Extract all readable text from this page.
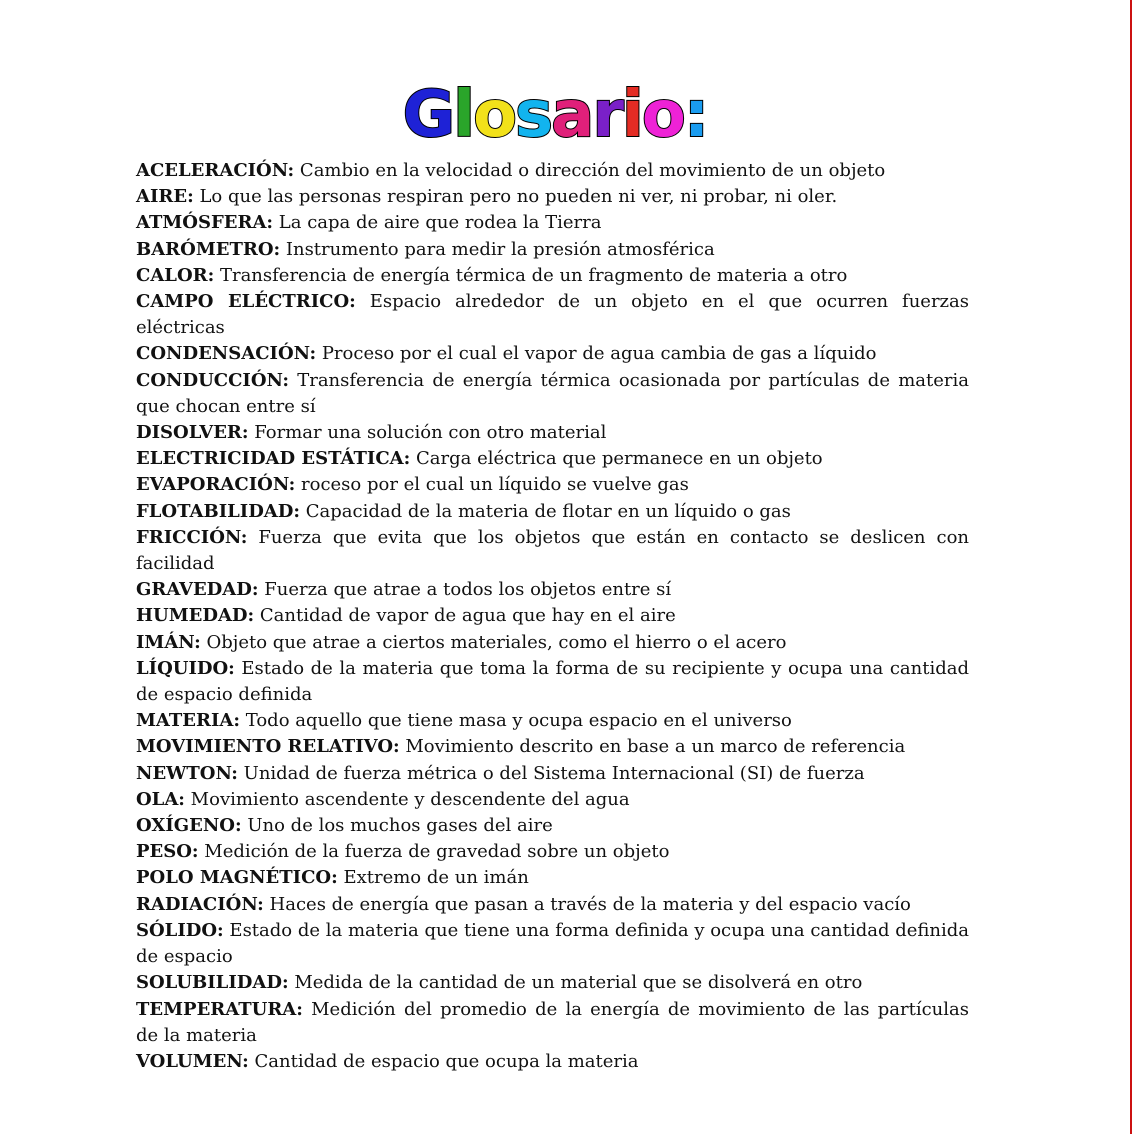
Glosario:

ACELERACIÓN: Cambio en la velocidad o dirección del movimiento de un objeto

AIRE: Lo que las personas respiran pero no pueden ni ver, ni probar, ni oler.

ATMÓSFERA: La capa de aire que rodea la Tierra

BARÓMETRO: Instrumento para medir la presión atmosférica

CALOR: Transferencia de energía térmica de un fragmento de materia a otro

CAMPO ELÉCTRICO: Espacio alrededor de un objeto en el que ocurren fuerzas eléctricas

CONDENSACIÓN: Proceso por el cual el vapor de agua cambia de gas a líquido

CONDUCCIÓN: Transferencia de energía térmica ocasionada por partículas de materia que chocan entre sí

DISOLVER: Formar una solución con otro material

ELECTRICIDAD ESTÁTICA: Carga eléctrica que permanece en un objeto

EVAPORACIÓN: roceso por el cual un líquido se vuelve gas

FLOTABILIDAD: Capacidad de la materia de flotar en un líquido o gas

FRICCIÓN: Fuerza que evita que los objetos que están en contacto se deslicen con facilidad

GRAVEDAD: Fuerza que atrae a todos los objetos entre sí

HUMEDAD: Cantidad de vapor de agua que hay en el aire

IMÁN: Objeto que atrae a ciertos materiales, como el hierro o el acero

LÍQUIDO: Estado de la materia que toma la forma de su recipiente y ocupa una cantidad de espacio definida

MATERIA: Todo aquello que tiene masa y ocupa espacio en el universo

MOVIMIENTO RELATIVO: Movimiento descrito en base a un marco de referencia

NEWTON: Unidad de fuerza métrica o del Sistema Internacional (SI) de fuerza

OLA: Movimiento ascendente y descendente del agua

OXÍGENO: Uno de los muchos gases del aire

PESO: Medición de la fuerza de gravedad sobre un objeto

POLO MAGNÉTICO: Extremo de un imán

RADIACIÓN: Haces de energía que pasan a través de la materia y del espacio vacío

SÓLIDO: Estado de la materia que tiene una forma definida y ocupa una cantidad definida de espacio

SOLUBILIDAD: Medida de la cantidad de un material que se disolverá en otro

TEMPERATURA: Medición del promedio de la energía de movimiento de las partículas de la materia

VOLUMEN: Cantidad de espacio que ocupa la materia
